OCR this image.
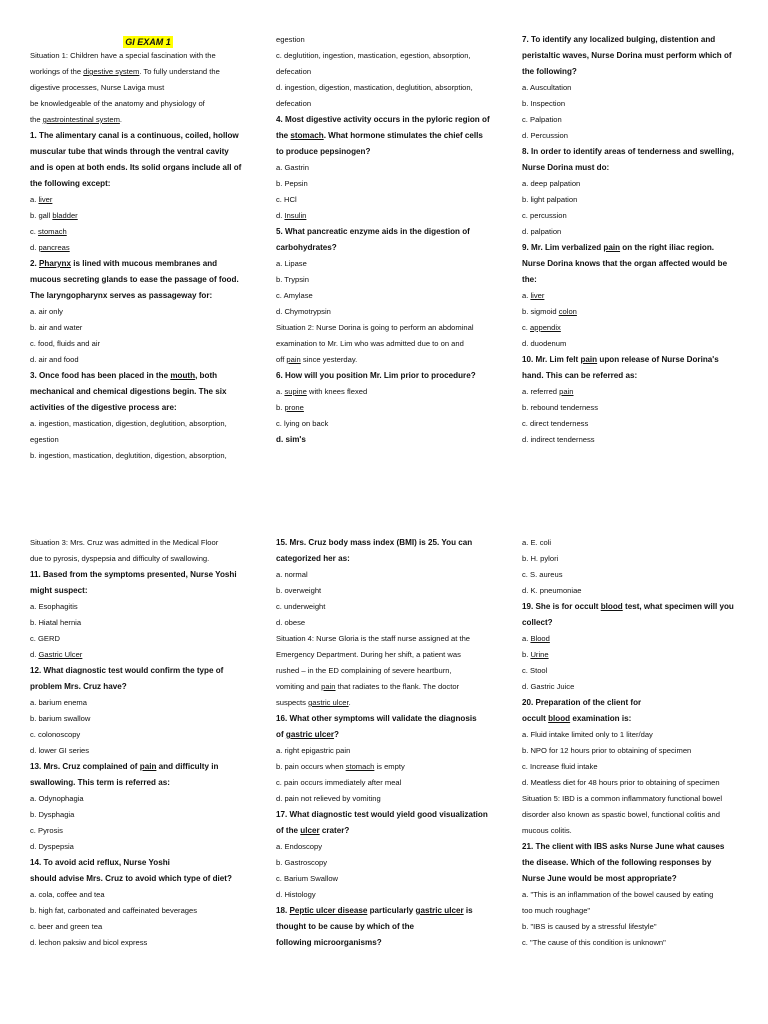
GI EXAM 1
Situation 1: Children have a special fascination with the
workings of the digestive system. To fully understand the
digestive processes, Nurse Laviga must
be knowledgeable of the anatomy and physiology of
the gastrointestinal system.
1. The alimentary canal is a continuous, coiled, hollow
muscular tube that winds through the ventral cavity
and is open at both ends. Its solid organs include all of
the following except:
a. liver
b. gall bladder
c. stomach
d. pancreas
2. Pharynx is lined with mucous membranes and
mucous secreting glands to ease the passage of food.
The laryngopharynx serves as passageway for:
a. air only
b. air and water
c. food, fluids and air
d. air and food
3. Once food has been placed in the mouth, both
mechanical and chemical digestions begin. The six
activities of the digestive process are:
a. ingestion, mastication, digestion, deglutition, absorption,
egestion
b. ingestion, mastication, deglutition, digestion, absorption,
egestion
c. deglutition, ingestion, mastication, egestion, absorption,
defecation
d. ingestion, digestion, mastication, deglutition, absorption,
defecation
4. Most digestive activity occurs in the pyloric region of
the stomach. What hormone stimulates the chief cells
to produce pepsinogen?
a. Gastrin
b. Pepsin
c. HCl
d. Insulin
5. What pancreatic enzyme aids in the digestion of
carbohydrates?
a. Lipase
b. Trypsin
c. Amylase
d. Chymotrypsin
Situation 2: Nurse Dorina is going to perform an abdominal
examination to Mr. Lim who was admitted due to on and
off pain since yesterday.
6. How will you position Mr. Lim prior to procedure?
a. supine with knees flexed
b. prone
c. lying on back
d. sim's
7. To identify any localized bulging, distention and
peristaltic waves, Nurse Dorina must perform which of
the following?
a. Auscultation
b. Inspection
c. Palpation
d. Percussion
8. In order to identify areas of tenderness and swelling,
Nurse Dorina must do:
a. deep palpation
b. light palpation
c. percussion
d. palpation
9. Mr. Lim verbalized pain on the right iliac region.
Nurse Dorina knows that the organ affected would be
the:
a. liver
b. sigmoid colon
c. appendix
d. duodenum
10. Mr. Lim felt pain upon release of Nurse Dorina's
hand. This can be referred as:
a. referred pain
b. rebound tenderness
c. direct tenderness
d. indirect tenderness
Situation 3: Mrs. Cruz was admitted in the Medical Floor
due to pyrosis, dyspepsia and difficulty of swallowing.
11. Based from the symptoms presented, Nurse Yoshi
might suspect:
a. Esophagitis
b. Hiatal hernia
c. GERD
d. Gastric Ulcer
12. What diagnostic test would confirm the type of
problem Mrs. Cruz have?
a. barium enema
b. barium swallow
c. colonoscopy
d. lower GI series
13. Mrs. Cruz complained of pain and difficulty in
swallowing. This term is referred as:
a. Odynophagia
b. Dysphagia
c. Pyrosis
d. Dyspepsia
14. To avoid acid reflux, Nurse Yoshi
should advise Mrs. Cruz to avoid which type of diet?
a. cola, coffee and tea
b. high fat, carbonated and caffeinated beverages
c. beer and green tea
d. lechon paksiw and bicol express
15. Mrs. Cruz body mass index (BMI) is 25. You can
categorized her as:
a. normal
b. overweight
c. underweight
d. obese
Situation 4: Nurse Gloria is the staff nurse assigned at the
Emergency Department. During her shift, a patient was
rushed – in the ED complaining of severe heartburn,
vomiting and pain that radiates to the flank. The doctor
suspects gastric ulcer.
16. What other symptoms will validate the diagnosis
of gastric ulcer?
a. right epigastric pain
b. pain occurs when stomach is empty
c. pain occurs immediately after meal
d. pain not relieved by vomiting
17. What diagnostic test would yield good visualization
of the ulcer crater?
a. Endoscopy
b. Gastroscopy
c. Barium Swallow
d. Histology
18. Peptic ulcer disease particularly gastric ulcer is
thought to be cause by which of the
following microorganisms?
a. E. coli
b. H. pylori
c. S. aureus
d. K. pneumoniae
19. She is for occult blood test, what specimen will you
collect?
a. Blood
b. Urine
c. Stool
d. Gastric Juice
20. Preparation of the client for
occult blood examination is:
a. Fluid intake limited only to 1 liter/day
b. NPO for 12 hours prior to obtaining of specimen
c. Increase fluid intake
d. Meatless diet for 48 hours prior to obtaining of specimen
Situation 5: IBD is a common inflammatory functional bowel
disorder also known as spastic bowel, functional colitis and
mucous colitis.
21. The client with IBS asks Nurse June what causes
the disease. Which of the following responses by
Nurse June would be most appropriate?
a. "This is an inflammation of the bowel caused by eating
too much roughage"
b. "IBS is caused by a stressful lifestyle"
c. "The cause of this condition is unknown"
